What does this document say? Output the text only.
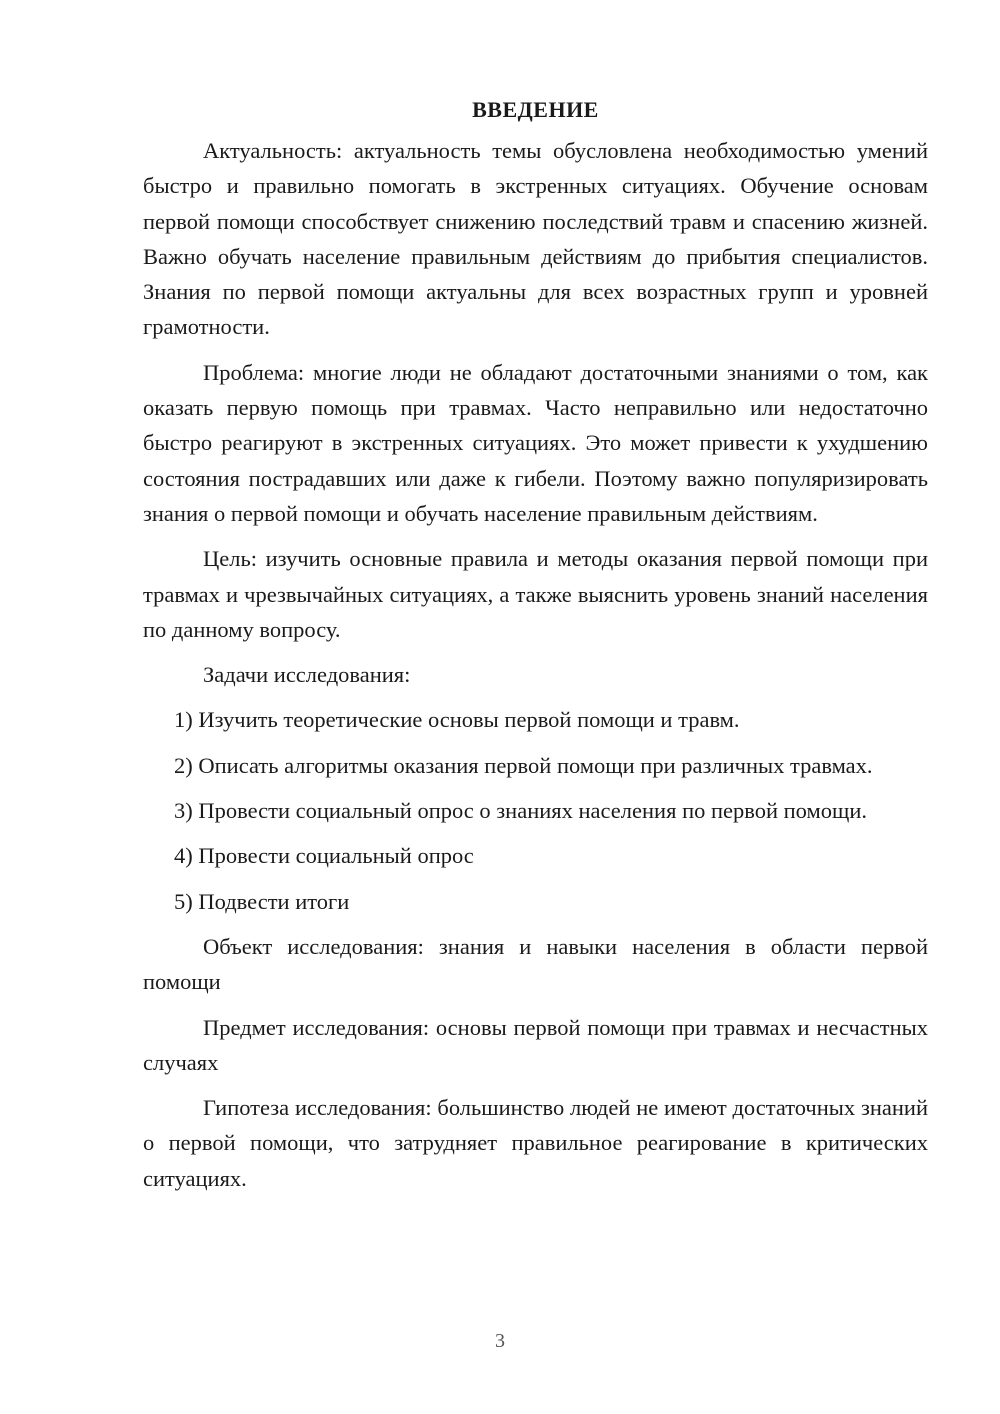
ВВЕДЕНИЕ

Актуальность: актуальность темы обусловлена необходимостью умений быстро и правильно помогать в экстренных ситуациях. Обучение основам первой помощи способствует снижению последствий травм и спасению жизней. Важно обучать население правильным действиям до прибытия специалистов. Знания по первой помощи актуальны для всех возрастных групп и уровней грамотности.

Проблема: многие люди не обладают достаточными знаниями о том, как оказать первую помощь при травмах. Часто неправильно или недостаточно быстро реагируют в экстренных ситуациях. Это может привести к ухудшению состояния пострадавших или даже к гибели. Поэтому важно популяризировать знания о первой помощи и обучать население правильным действиям.

Цель: изучить основные правила и методы оказания первой помощи при травмах и чрезвычайных ситуациях, а также выяснить уровень знаний населения по данному вопросу.

Задачи исследования:

1) Изучить теоретические основы первой помощи и травм.

2) Описать алгоритмы оказания первой помощи при различных травмах.

3) Провести социальный опрос о знаниях населения по первой помощи.

4) Провести социальный опрос

5) Подвести итоги

Объект исследования: знания и навыки населения в области первой помощи

Предмет исследования: основы первой помощи при травмах и несчастных случаях

Гипотеза исследования: большинство людей не имеют достаточных знаний о первой помощи, что затрудняет правильное реагирование в критических ситуациях.

3
